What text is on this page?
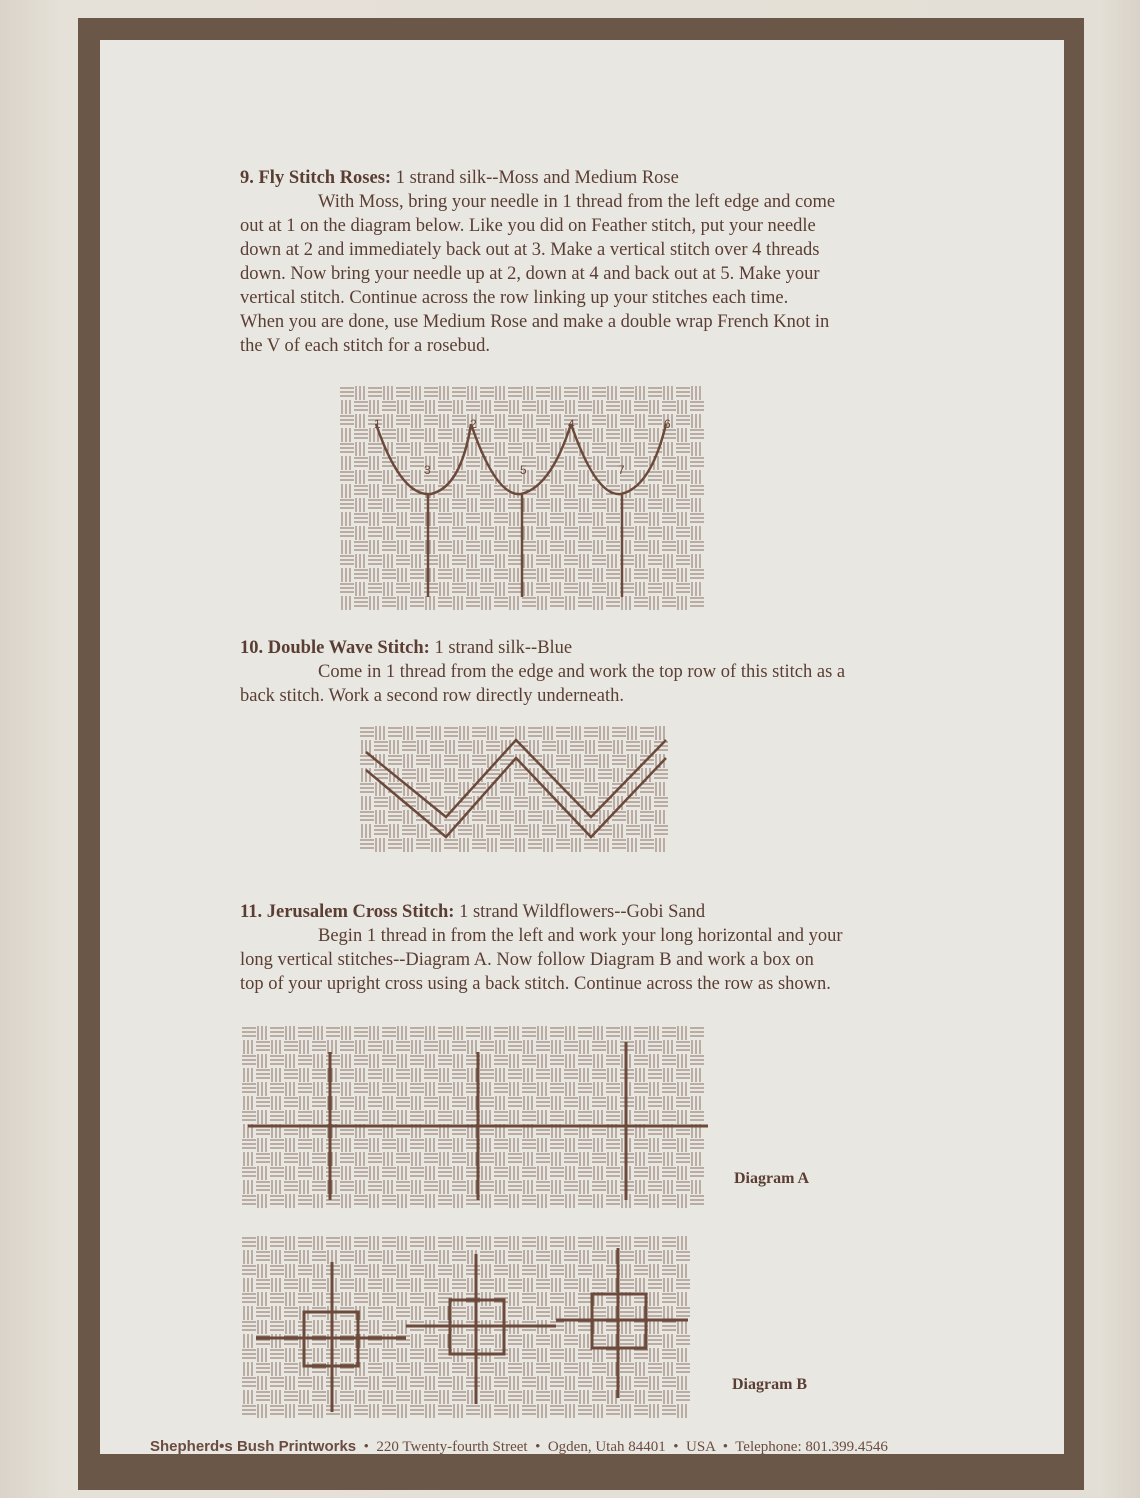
9. Fly Stitch Roses: 1 strand silk--Moss and Medium Rose
With Moss, bring your needle in 1 thread from the left edge and come
out at 1 on the diagram below. Like you did on Feather stitch, put your needle
down at 2 and immediately back out at 3. Make a vertical stitch over 4 threads
down. Now bring your needle up at 2, down at 4 and back out at 5. Make your
vertical stitch. Continue across the row linking up your stitches each time.
When you are done, use Medium Rose and make a double wrap French Knot in
the V of each stitch for a rosebud.
1	2	4	6
3	5	7
10. Double Wave Stitch: 1 strand silk--Blue
Come in 1 thread from the edge and work the top row of this stitch as a
back stitch. Work a second row directly underneath.
11. Jerusalem Cross Stitch: 1 strand Wildflowers--Gobi Sand
Begin 1 thread in from the left and work your long horizontal and your
long vertical stitches--Diagram A. Now follow Diagram B and work a box on
top of your upright cross using a back stitch. Continue across the row as shown.
Diagram A
Diagram B
Shepherd•s Bush Printworks • 220 Twenty-fourth Street • Ogden, Utah 84401 • USA • Telephone: 801.399.4546
